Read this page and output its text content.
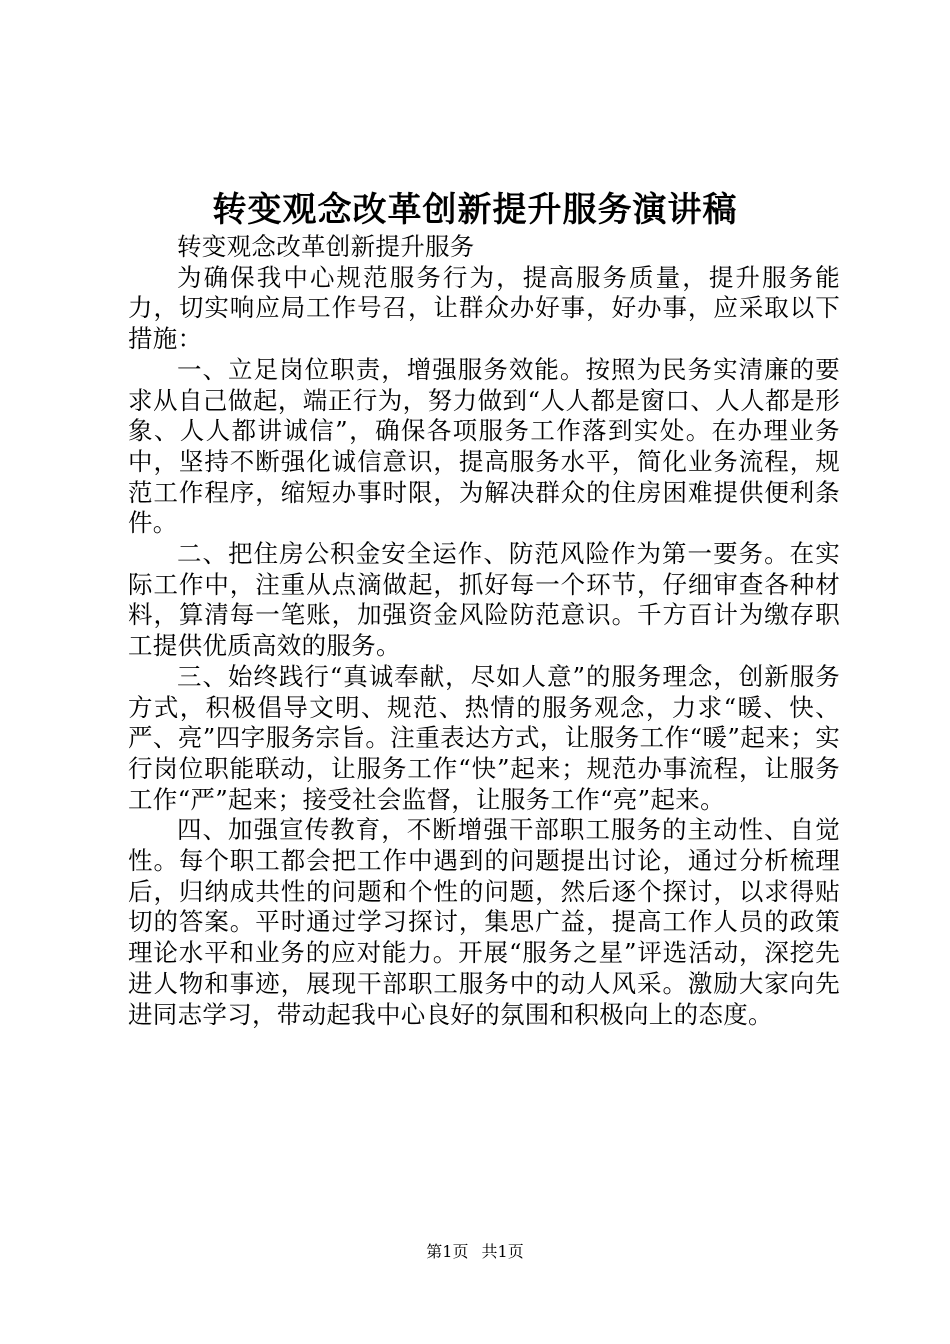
转变观念改革创新提升服务演讲稿

转变观念改革创新提升服务

为确保我中心规范服务行为，提高服务质量，提升服务能力，切实响应局工作号召，让群众办好事，好办事，应采取以下措施：

一、立足岗位职责，增强服务效能。按照为民务实清廉的要求从自己做起，端正行为，努力做到“人人都是窗口、人人都是形象、人人都讲诚信”，确保各项服务工作落到实处。在办理业务中，坚持不断强化诚信意识，提高服务水平，简化业务流程，规范工作程序，缩短办事时限，为解决群众的住房困难提供便利条件。

二、把住房公积金安全运作、防范风险作为第一要务。在实际工作中，注重从点滴做起，抓好每一个环节，仔细审查各种材料，算清每一笔账，加强资金风险防范意识。千方百计为缴存职工提供优质高效的服务。

三、始终践行“真诚奉献，尽如人意”的服务理念，创新服务方式，积极倡导文明、规范、热情的服务观念，力求“暖、快、严、亮”四字服务宗旨。注重表达方式，让服务工作“暖”起来；实行岗位职能联动，让服务工作“快”起来；规范办事流程，让服务工作“严”起来；接受社会监督，让服务工作“亮”起来。

四、加强宣传教育，不断增强干部职工服务的主动性、自觉性。每个职工都会把工作中遇到的问题提出讨论，通过分析梳理后，归纳成共性的问题和个性的问题，然后逐个探讨，以求得贴切的答案。平时通过学习探讨，集思广益，提高工作人员的政策理论水平和业务的应对能力。开展“服务之星”评选活动，深挖先进人物和事迹，展现干部职工服务中的动人风采。激励大家向先进同志学习，带动起我中心良好的氛围和积极向上的态度。

第1页 共1页
